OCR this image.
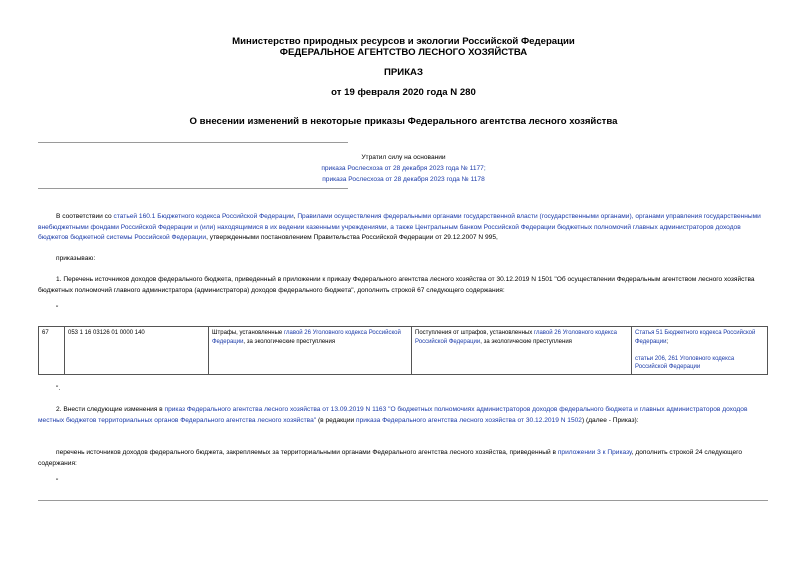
Министерство природных ресурсов и экологии Российской Федерации
ФЕДЕРАЛЬНОЕ АГЕНТСТВО ЛЕСНОГО ХОЗЯЙСТВА
ПРИКАЗ
от 19 февраля 2020 года N 280
О внесении изменений в некоторые приказы Федерального агентства лесного хозяйства
Утратил силу на основании
приказа Рослесхоза от 28 декабря 2023 года № 1177;
приказа Рослесхоза от 28 декабря 2023 года № 1178
В соответствии со статьей 160.1 Бюджетного кодекса Российской Федерации, Правилами осуществления федеральными органами государственной власти (государственными органами), органами управления государственными внебюджетными фондами Российской Федерации и (или) находящимися в их ведении казенными учреждениями, а также Центральным банком Российской Федерации бюджетных полномочий главных администраторов доходов бюджетов бюджетной системы Российской Федерации, утвержденными постановлением Правительства Российской Федерации от 29.12.2007 N 995,
приказываю:
1. Перечень источников доходов федерального бюджета, приведенный в приложении к приказу Федерального агентства лесного хозяйства от 30.12.2019 N 1501 "Об осуществлении Федеральным агентством лесного хозяйства бюджетных полномочий главного администратора (администратора) доходов федерального бюджета", дополнить строкой 67 следующего содержания:
"
67	053 1 16 03126 01 0000 140	Штрафы, установленные главой 26 Уголовного кодекса Российской Федерации, за экологические преступления	Поступления от штрафов, установленных главой 26 Уголовного кодекса Российской Федерации, за экологические преступления	Статья 51 Бюджетного кодекса Российской Федерации;

статьи 206, 261 Уголовного кодекса Российской Федерации
".
2. Внести следующие изменения в приказ Федерального агентства лесного хозяйства от 13.09.2019 N 1163 "О бюджетных полномочиях администраторов доходов федерального бюджета и главных администраторов доходов местных бюджетов территориальных органов Федерального агентства лесного хозяйства" (в редакции приказа Федерального агентства лесного хозяйства от 30.12.2019 N 1502) (далее - Приказ):
перечень источников доходов федерального бюджета, закрепляемых за территориальными органами Федерального агентства лесного хозяйства, приведенный в приложении 3 к Приказу, дополнить строкой 24 следующего содержания:
"
